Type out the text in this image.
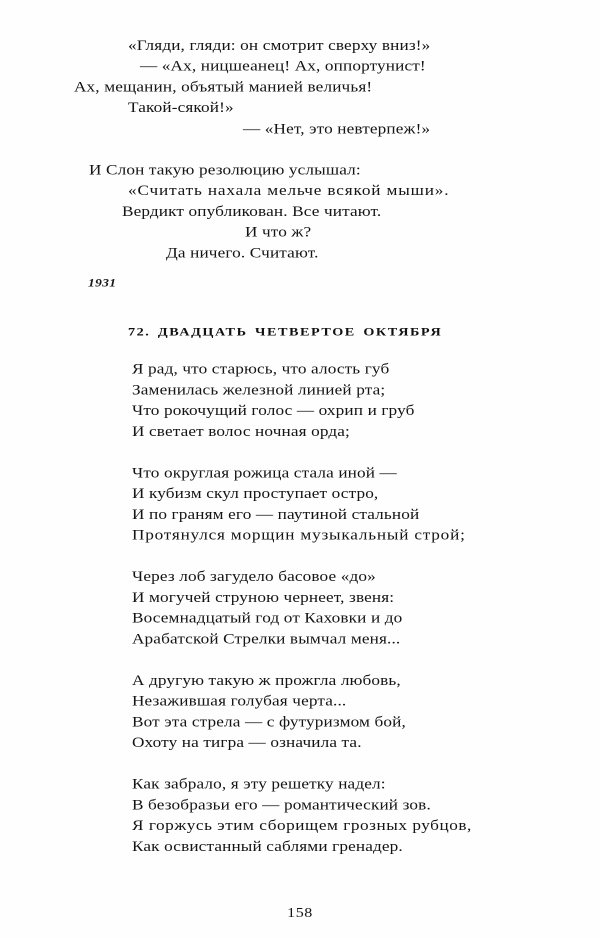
«Гляди, гляди: он смотрит сверху вниз!»
— «Ах, ницшеанец! Ах, оппортунист!
Ах, мещанин, объятый манией величья!
Такой-сякой!»
— «Нет, это невтерпеж!»
И Слон такую резолюцию услышал:
«Считать нахала мельче всякой мыши».
Вердикт опубликован. Все читают.
И что ж?
Да ничего. Считают.
1931
72. ДВАДЦАТЬ ЧЕТВЕРТОЕ ОКТЯБРЯ
Я рад, что старюсь, что алость губ
Заменилась железной линией рта;
Что рокочущий голос — охрип и груб
И светает волос ночная орда;
Что округлая рожица стала иной —
И кубизм скул проступает остро,
И по граням его — паутиной стальной
Протянулся морщин музыкальный строй;
Через лоб загудело басовое «до»
И могучей струною чернеет, звеня:
Восемнадцатый год от Каховки и до
Арабатской Стрелки вымчал меня...
А другую такую ж прожгла любовь,
Незажившая голубая черта...
Вот эта стрела — с футуризмом бой,
Охоту на тигра — означила та.
Как забрало, я эту решетку надел:
В безобразьи его — романтический зов.
Я горжусь этим сборищем грозных рубцов,
Как освистанный саблями гренадер.
158
